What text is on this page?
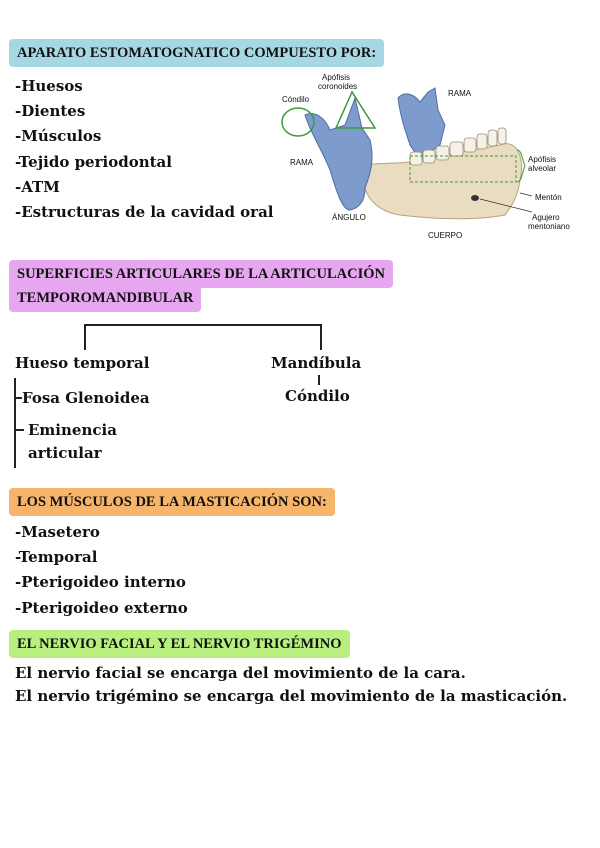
APARATO ESTOMATOGNATICO COMPUESTO POR:
-Huesos
-Dientes
-Músculos
-Tejido periodontal
-ATM
-Estructuras de la cavidad oral
Apófisis
coronoides
Cóndilo
RAMA
RAMA	Apófisis
alveolar
Mentón
Agujero
mentoniano
ÁNGULO
CUERPO
SUPERFICIES ARTICULARES DE LA ARTICULACIÓN
TEMPOROMANDIBULAR
Hueso temporal	Mandíbula
Fosa Glenoidea
Eminencia
articular
Cóndilo
LOS MÚSCULOS DE LA MASTICACIÓN SON:
-Masetero
-Temporal
-Pterigoideo interno
-Pterigoideo externo
EL NERVIO FACIAL Y EL NERVIO TRIGÉMINO
El nervio facial se encarga del movimiento de la cara.
El nervio trigémino se encarga del movimiento de la masticación.
